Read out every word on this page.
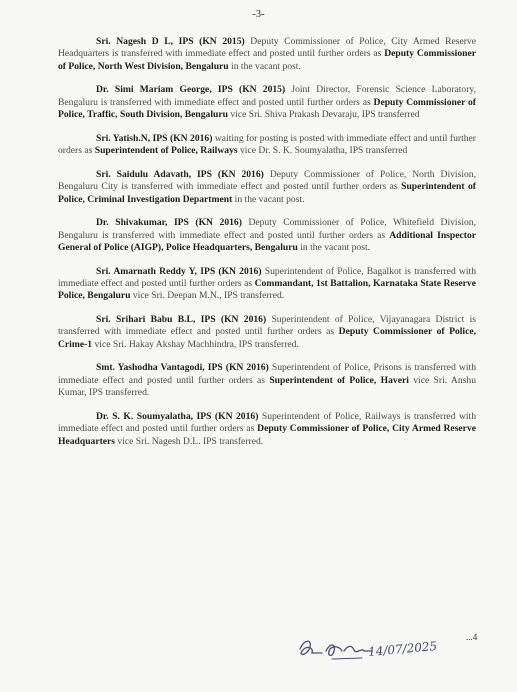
-3-

Sri. Nagesh D L, IPS (KN 2015) Deputy Commissioner of Police, City Armed Reserve Headquarters is transferred with immediate effect and posted until further orders as Deputy Commissioner of Police, North West Division, Bengaluru in the vacant post.

Dr. Simi Mariam George, IPS (KN 2015) Joint Director, Forensic Science Laboratory, Bengaluru is transferred with immediate effect and posted until further orders as Deputy Commissioner of Police, Traffic, South Division, Bengaluru vice Sri. Shiva Prakash Devaraju, IPS transferred

Sri. Yatish.N, IPS (KN 2016) waiting for posting is posted with immediate effect and until further orders as Superintendent of Police, Railways vice Dr. S. K. Soumyalatha, IPS transferred

Sri. Saidulu Adavath, IPS (KN 2016) Deputy Commissioner of Police, North Division, Bengaluru City is transferred with immediate effect and posted until further orders as Superintendent of Police, Criminal Investigation Department in the vacant post.

Dr. Shivakumar, IPS (KN 2016) Deputy Commissioner of Police, Whitefield Division, Bengaluru is transferred with immediate effect and posted until further orders as Additional Inspector General of Police (AIGP), Police Headquarters, Bengaluru in the vacant post.

Sri. Amarnath Reddy Y, IPS (KN 2016) Superintendent of Police, Bagalkot is transferred with immediate effect and posted until further orders as Commandant, 1st Battalion, Karnataka State Reserve Police, Bengaluru vice Sri. Deepan M.N., IPS transferred.

Sri. Srihari Babu B.L, IPS (KN 2016) Superintendent of Police, Vijayanagara District is transferred with immediate effect and posted until further orders as Deputy Commissioner of Police, Crime-1 vice Sri. Hakay Akshay Machhindra, IPS transferred.

Smt. Yashodha Vantagodi, IPS (KN 2016) Superintendent of Police, Prisons is transferred with immediate effect and posted until further orders as Superintendent of Police, Haveri vice Sri. Anshu Kumar, IPS transferred.

Dr. S. K. Soumyalatha, IPS (KN 2016) Superintendent of Police, Railways is transferred with immediate effect and posted until further orders as Deputy Commissioner of Police, City Armed Reserve Headquarters vice Sri. Nagesh D.L. IPS transferred.

14/07/2025
...4
